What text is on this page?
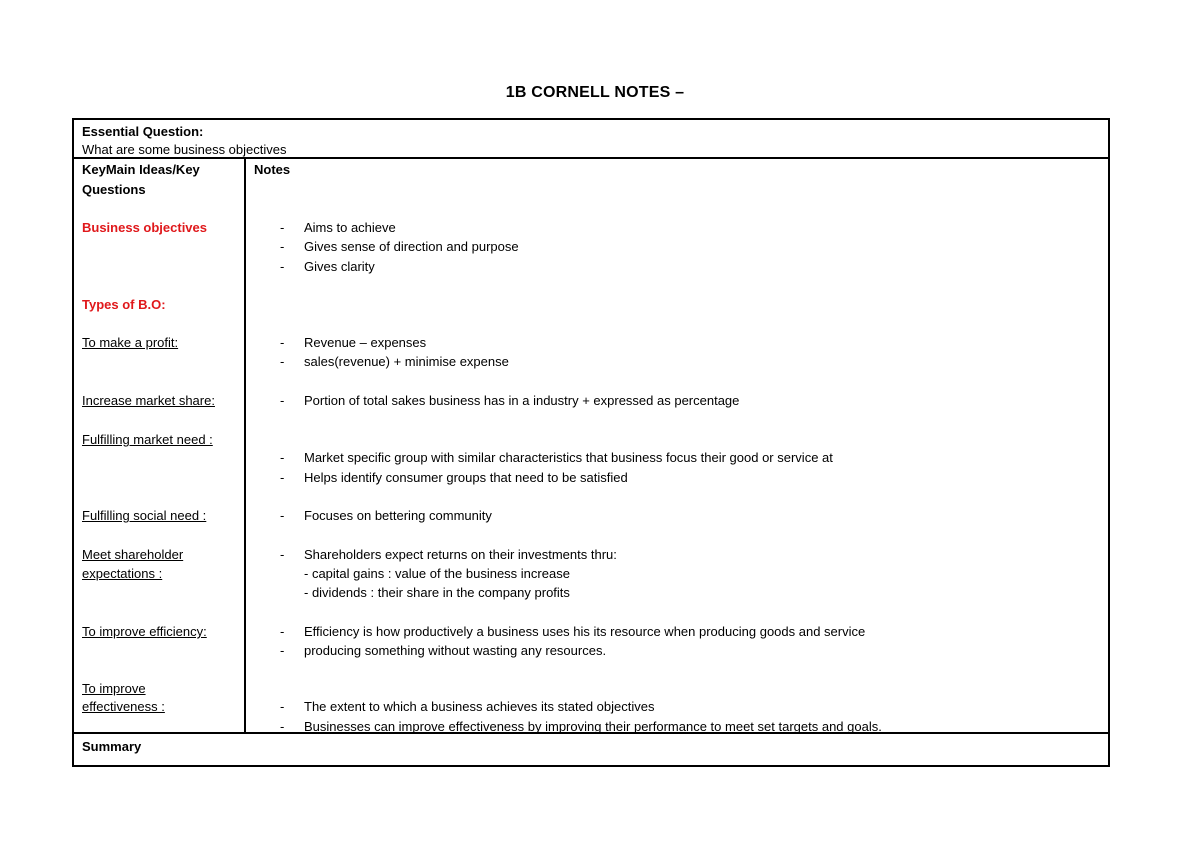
1B CORNELL NOTES –
Essential Question:
What are some business objectives
KeyMain Ideas/Key
Questions
Notes
Business objectives
Types of B.O:
To make a profit:
Increase market share:
Fulfilling market need :
Fulfilling social need :
Meet shareholder
expectations :
To improve efficiency:
To improve
effectiveness :
- Aims to achieve
- Gives sense of direction and purpose
- Gives clarity
- Revenue – expenses
- sales(revenue) + minimise expense
- Portion of total sakes business has in a industry + expressed as percentage
- Market specific group with similar characteristics that business focus their good or service at
- Helps identify consumer groups that need to be satisfied
- Focuses on bettering community
- Shareholders expect returns on their investments thru:
- capital gains : value of the business increase
- dividends : their share in the company profits
- Efficiency is how productively a business uses his its resource when producing goods and service
- producing something without wasting any resources.
- The extent to which a business achieves its stated objectives
- Businesses can improve effectiveness by improving their performance to meet set targets and goals.
Summary
